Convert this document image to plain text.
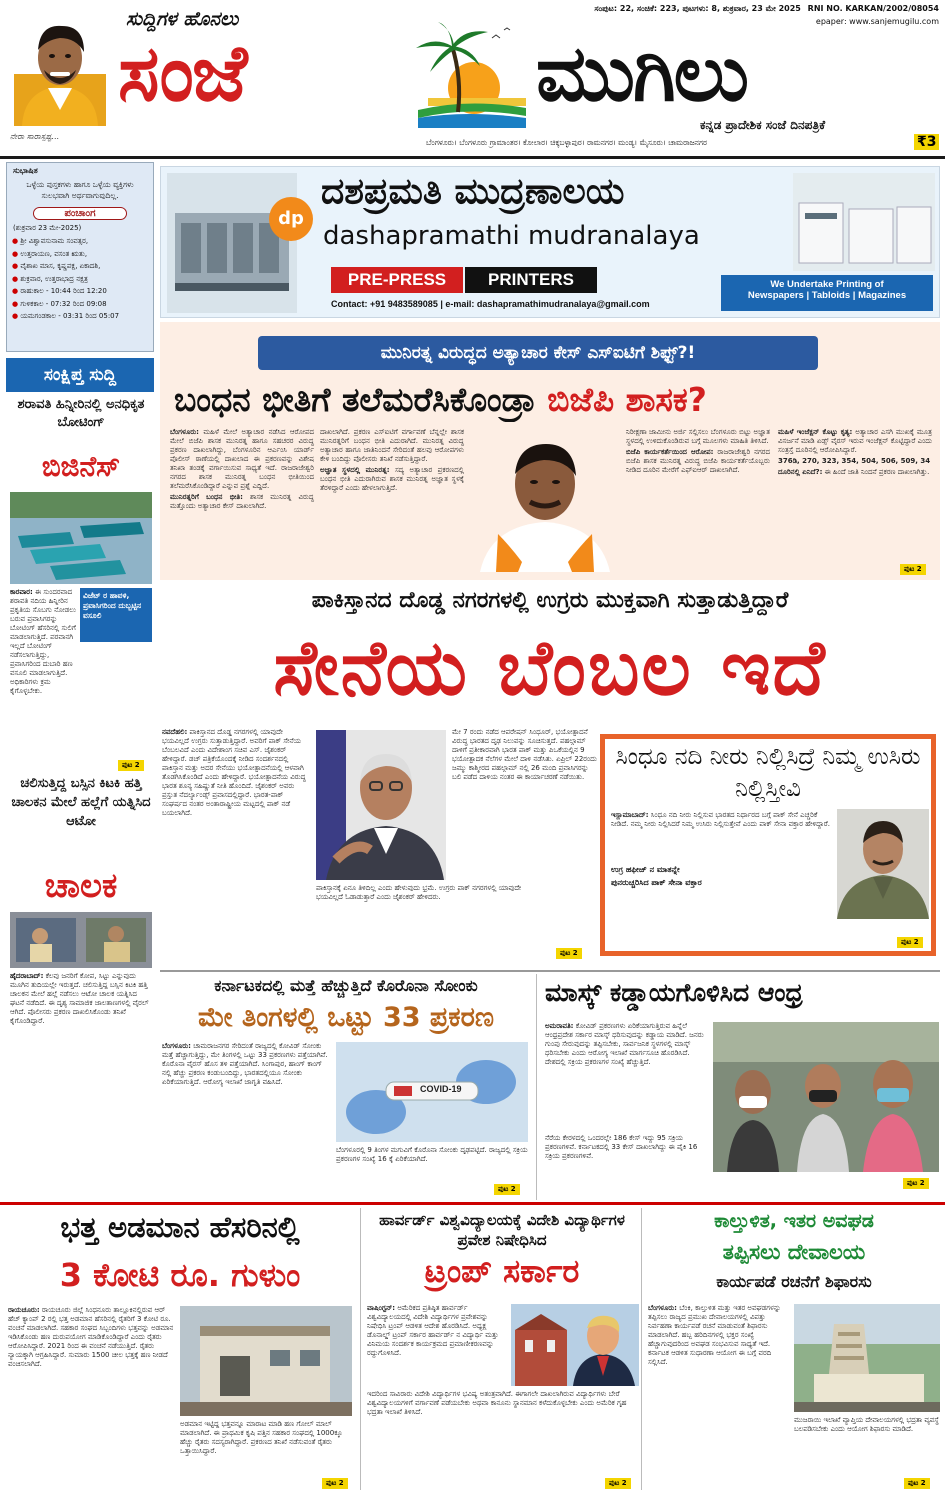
ನೇರಾ ಸಾರಾಸ್ಪಷ್ಟ...
ಸುದ್ದಿಗಳ ಹೊನಲು
ಸಂಜೆ	ಮುಗಿಲು
ಸಂಪುಟ: 22, ಸಂಚಿಕೆ: 223, ಪುಟಗಳು: 8, ಶುಕ್ರವಾರ, 23 ಮೇ 2025 RNI NO. KARKAN/2002/08054
epaper: www.sanjemugilu.com
ಕನ್ನಡ ಪ್ರಾದೇಶಿಕ ಸಂಜೆ ದಿನಪತ್ರಿಕೆ
ಬೆಂಗಳೂರು। ಬೆಂಗಳೂರು ಗ್ರಾಮಾಂತರ। ಕೋಲಾರ। ಚಿಕ್ಕಬಳ್ಳಾಪುರ। ರಾಮನಗರ। ಮಂಡ್ಯ। ಮೈಸೂರು। ಚಾಮರಾಜನಗರ	₹3
ಸುಭಾಷಿತ
ಒಳ್ಳೆಯ ಪುಸ್ತಕಗಳು ಹಾಗೂ ಒಳ್ಳೆಯ ವ್ಯಕ್ತಿಗಳು ಸುಲಭವಾಗಿ ಅರ್ಥವಾಗುವುದಿಲ್ಲ.
ಪಂಚಾಂಗ
(ಶುಕ್ರವಾರ 23 ಮೇ-2025)
● ಶ್ರೀ ವಿಶ್ವಾವಸುನಾಮ ಸಂವತ್ಸರ,
● ಉತ್ತರಾಯಣ, ವಸಂತ ಋತು,
● ವೈಶಾಖ ಮಾಸ, ಕೃಷ್ಣಪಕ್ಷ, ಏಕಾದಶಿ,
● ಶುಕ್ರವಾರ, ಉತ್ತರಾಭಾದ್ರ ನಕ್ಷತ್ರ
● ರಾಹುಕಾಲ - 10:44 ರಿಂದ 12:20
● ಗುಳಿಕಕಾಲ - 07:32 ರಿಂದ 09:08
● ಯಮಗಂಡಕಾಲ - 03:31 ರಿಂದ 05:07
ಸಂಕ್ಷಿಪ್ತ ಸುದ್ದಿ
ಶರಾವತಿ ಹಿನ್ನೀರಿನಲ್ಲಿ ಅನಧಿಕೃತ ಬೋಟಿಂಗ್
ಬಿಜಿನೆಸ್
ವಿಜೆಟ್ ರ ಹಾವಳಿ, ಪ್ರವಾಸಿಗರಿಂದ ದುಬ್ಬಟ್ಟಿನ ವಸೂಲಿ
ಕಾರವಾರ: ಈ ಸುಂದರವಾದ ಶರಾವತಿ ನದಿಯ ಹಿನ್ನೀರಿನ ಪ್ರಕೃತಿಯ ಸೊಬಗು ನೋಡಲು ಬರುವ ಪ್ರವಾಸಿಗರನ್ನು ಬೋಟಿಂಗ್ ಹೆಸರಿನಲ್ಲಿ ಸುಲಿಗೆ ಮಾಡಲಾಗುತ್ತಿದೆ. ಪರವಾನಗಿ ಇಲ್ಲದೆ ಬೋಟಿಂಗ್ ನಡೆಸಲಾಗುತ್ತಿದ್ದು, ಪ್ರವಾಸಿಗರಿಂದ ದುಬಾರಿ ಹಣ ವಸೂಲಿ ಮಾಡಲಾಗುತ್ತಿದೆ. ಅಧಿಕಾರಿಗಳು ಕ್ರಮ ಕೈಗೊಳ್ಳಬೇಕು.
ಪುಟ 2
ಚಲಿಸುತ್ತಿದ್ದ ಬಸ್ಸಿನ ಕಿಟಕಿ ಹತ್ತಿ ಚಾಲಕನ ಮೇಲೆ ಹಲ್ಲೆಗೆ ಯತ್ನಿಸಿದ ಆಟೋ
ಚಾಲಕ
ಹೈದರಾಬಾದ್: ಕೆಲವು ಜನರಿಗೆ ಕೋಪ, ಸಿಟ್ಟು ಎನ್ನುವುದು ಮೂಗಿನ ತುದಿಯಲ್ಲೇ ಇರುತ್ತದೆ. ಚಲಿಸುತ್ತಿದ್ದ ಬಸ್ಸಿನ ಕಿಟಕಿ ಹತ್ತಿ ಚಾಲಕನ ಮೇಲೆ ಹಲ್ಲೆ ನಡೆಸಲು ಆಟೋ ಚಾಲಕ ಯತ್ನಿಸಿದ ಘಟನೆ ನಡೆದಿದೆ. ಈ ದೃಶ್ಯ ಸಾಮಾಜಿಕ ಜಾಲತಾಣಗಳಲ್ಲಿ ವೈರಲ್ ಆಗಿದೆ. ಪೊಲೀಸರು ಪ್ರಕರಣ ದಾಖಲಿಸಿಕೊಂಡು ತನಿಖೆ ಕೈಗೊಂಡಿದ್ದಾರೆ.
dp
ದಶಪ್ರಮತಿ ಮುದ್ರಣಾಲಯ
dashapramathi mudranalaya
PRE-PRESS	PRINTERS
Contact: +91 9483589085 | e-mail: dashapramathimudranalaya@gmail.com
We Undertake Printing of
Newspapers | Tabloids | Magazines
ಮುನಿರತ್ನ ವಿರುದ್ಧದ ಅತ್ಯಾಚಾರ ಕೇಸ್ ಎಸ್ಐಟಿಗೆ ಶಿಫ್ಟ್?!
ಬಂಧನ ಭೀತಿಗೆ ತಲೆಮರೆಸಿಕೊಂಡ್ರಾ ಬಿಜೆಪಿ ಶಾಸಕ?

ಬೆಂಗಳೂರು: ಮಹಿಳೆ ಮೇಲೆ ಅತ್ಯಾಚಾರ ನಡೆಸಿದ ಆರೋಪದ ಮೇಲೆ ಬಿಜೆಪಿ ಶಾಸಕ ಮುನಿರತ್ನ ಹಾಗೂ ಸಹಚರರ ವಿರುದ್ಧ ಪ್ರಕರಣ ದಾಖಲಾಗಿದ್ದು, ಬೆಂಗಳೂರಿನ ಆರ್ಎಂಸಿ ಯಾರ್ಡ್ ಪೊಲೀಸ್ ಠಾಣೆಯಲ್ಲಿ ದಾಖಲಾದ ಈ ಪ್ರಕರಣವನ್ನು ವಿಶೇಷ ತನಿಖಾ ತಂಡಕ್ಕೆ ವರ್ಗಾಯಿಸುವ ಸಾಧ್ಯತೆ ಇದೆ. ರಾಜರಾಜೇಶ್ವರಿ ನಗರದ ಶಾಸಕ ಮುನಿರತ್ನ ಬಂಧನ ಭೀತಿಯಿಂದ ತಲೆಮರೆಸಿಕೊಂಡಿದ್ದಾರೆ ಎನ್ನುವ ಪ್ರಶ್ನೆ ಎದ್ದಿದೆ.

ಮುನಿರತ್ನರಿಗೆ ಬಂಧನ ಭೀತಿ: ಶಾಸಕ ಮುನಿರತ್ನ ವಿರುದ್ಧ ಮತ್ತೊಂದು ಅತ್ಯಾಚಾರ ಕೇಸ್ ದಾಖಲಾಗಿದೆ.

ದಾಖಲಾಗಿದೆ. ಪ್ರಕರಣ ಎಸ್ಐಟಿಗೆ ವರ್ಗಾವಣೆ ಬೆನ್ನಲ್ಲೇ ಶಾಸಕ ಮುನಿರತ್ನರಿಗೆ ಬಂಧನ ಭೀತಿ ಎದುರಾಗಿದೆ. ಮುನಿರತ್ನ ವಿರುದ್ಧ ಅತ್ಯಾಚಾರ ಹಾಗೂ ಜಾತಿನಿಂದನೆ ಸೇರಿದಂತೆ ಹಲವು ಆರೋಪಗಳು ಕೇಳಿ ಬಂದಿದ್ದು ಪೊಲೀಸರು ತನಿಖೆ ನಡೆಸುತ್ತಿದ್ದಾರೆ.

ಅಜ್ಞಾತ ಸ್ಥಳದಲ್ಲಿ ಮುನಿರತ್ನ: ಸದ್ಯ ಅತ್ಯಾಚಾರ ಪ್ರಕರಣದಲ್ಲಿ ಬಂಧನ ಭೀತಿ ಎದುರಾಗಿರುವ ಶಾಸಕ ಮುನಿರತ್ನ ಅಜ್ಞಾತ ಸ್ಥಳಕ್ಕೆ ತೆರಳಿದ್ದಾರೆ ಎಂದು ಹೇಳಲಾಗುತ್ತಿದೆ.

ನಿರೀಕ್ಷಣಾ ಜಾಮೀನು ಅರ್ಜಿ ಸಲ್ಲಿಸಲು ಬೆಂಗಳೂರು ಬಿಟ್ಟು ಅಜ್ಞಾತ ಸ್ಥಳದಲ್ಲಿ ಉಳಿದುಕೊಂಡಿರುವ ಬಗ್ಗೆ ಮೂಲಗಳು ಮಾಹಿತಿ ತಿಳಿಸಿದೆ.

ಬಿಜೆಪಿ ಕಾರ್ಯಕರ್ತೆಯಿಂದ ಆರೋಪ: ರಾಜರಾಜೇಶ್ವರಿ ನಗರದ ಬಿಜೆಪಿ ಶಾಸಕ ಮುನಿರತ್ನ ವಿರುದ್ಧ ಬಿಜೆಪಿ ಕಾರ್ಯಕರ್ತೆಯೊಬ್ಬರು ನೀಡಿದ ದೂರಿನ ಮೇರೆಗೆ ಎಫ್ಐಆರ್ ದಾಖಲಾಗಿದೆ.

ಮಹಿಳೆ ಇಂಜೆಕ್ಷನ್ ಕೊಟ್ಟು ಕೃತ್ಯ: ಅತ್ಯಾಚಾರ ಎಸಗಿ ಮುಖಕ್ಕೆ ಮೂತ್ರ ವಿಸರ್ಜನೆ ಮಾಡಿ ಏಡ್ಸ್ ವೈರಸ್ ಇರುವ ಇಂಜೆಕ್ಷನ್ ಕೊಟ್ಟಿದ್ದಾರೆ ಎಂದು ಸಂತ್ರಸ್ತೆ ದೂರಿನಲ್ಲಿ ಆರೋಪಿಸಿದ್ದಾರೆ.

376ಡಿ, 270, 323, 354, 504, 506, 509, 34

ದೂರಿನಲ್ಲಿ ಏನಿದೆ?: ಈ ಹಿಂದೆ ಜಾತಿ ನಿಂದನೆ ಪ್ರಕರಣ ದಾಖಲಾಗಿತ್ತು.

ಪುಟ 2
ಪಾಕಿಸ್ತಾನದ ದೊಡ್ಡ ನಗರಗಳಲ್ಲಿ ಉಗ್ರರು ಮುಕ್ತವಾಗಿ ಸುತ್ತಾಡುತ್ತಿದ್ದಾರೆ
ಸೇನೆಯ ಬೆಂಬಲ ಇದೆ
ನವದೆಹಲಿ: ಪಾಕಿಸ್ತಾನದ ದೊಡ್ಡ ನಗರಗಳಲ್ಲಿ ಯಾವುದೇ ಭಯವಿಲ್ಲದೆ ಉಗ್ರರು ಸುತ್ತಾಡುತ್ತಿದ್ದಾರೆ. ಅವರಿಗೆ ಪಾಕ್ ಸೇನೆಯ ಬೆಂಬಲವಿದೆ ಎಂದು ವಿದೇಶಾಂಗ ಸಚಿವ ಎಸ್. ಜೈಶಂಕರ್ ಹೇಳಿದ್ದಾರೆ. ಡಚ್ ಪತ್ರಿಕೆಯೊಂದಕ್ಕೆ ನೀಡಿದ ಸಂದರ್ಶನದಲ್ಲಿ ಪಾಕಿಸ್ತಾನ ಮತ್ತು ಅದರ ಸೇನೆಯು ಭಯೋತ್ಪಾದನೆಯಲ್ಲಿ ಆಳವಾಗಿ ತೊಡಗಿಸಿಕೊಂಡಿದೆ ಎಂದು ಹೇಳಿದ್ದಾರೆ. ಭಯೋತ್ಪಾದನೆಯ ವಿರುದ್ಧ ಭಾರತ ಶೂನ್ಯ ಸಹಿಷ್ಣುತೆ ನೀತಿ ಹೊಂದಿದೆ. ಜೈಶಂಕರ್ ಅವರು ಪ್ರಸ್ತುತ ನೆದರ್ಲ್ಯಾಂಡ್ಸ್ ಪ್ರವಾಸದಲ್ಲಿದ್ದಾರೆ. ಭಾರತ-ಪಾಕ್ ಸಂಘರ್ಷದ ನಂತರ ಅಂತಾರಾಷ್ಟ್ರೀಯ ಮಟ್ಟದಲ್ಲಿ ಪಾಕ್ ನಡೆ ಬಯಲಾಗಿದೆ.
ಪಾಕಿಸ್ತಾನಕ್ಕೆ ಏನೂ ತಿಳಿದಿಲ್ಲ ಎಂದು ಹೇಳುವುದು ಭ್ರಮೆ. ಉಗ್ರರು ಪಾಕ್ ನಗರಗಳಲ್ಲಿ ಯಾವುದೇ ಭಯವಿಲ್ಲದೆ ಓಡಾಡುತ್ತಾರೆ ಎಂದು ಜೈಶಂಕರ್ ಹೇಳಿದರು.
ಮೇ 7 ರಂದು ನಡೆದ ಆಪರೇಷನ್ ಸಿಂಧೂರ್, ಭಯೋತ್ಪಾದನೆ ವಿರುದ್ಧ ಭಾರತದ ದೃಢ ನಿಲುವನ್ನು ಸೂಚಿಸುತ್ತದೆ. ಪಹಲ್ಗಾಮ್ ದಾಳಿಗೆ ಪ್ರತೀಕಾರವಾಗಿ ಭಾರತ ಪಾಕ್ ಮತ್ತು ಪಿಒಕೆಯಲ್ಲಿನ 9 ಭಯೋತ್ಪಾದಕ ನೆಲೆಗಳ ಮೇಲೆ ದಾಳಿ ನಡೆಸಿತು. ಏಪ್ರಿಲ್ 22ರಂದು ಜಮ್ಮು ಕಾಶ್ಮೀರದ ಪಹಲ್ಗಾಮ್ ನಲ್ಲಿ 26 ಮಂದಿ ಪ್ರವಾಸಿಗರನ್ನು ಬಲಿ ಪಡೆದ ದಾಳಿಯ ನಂತರ ಈ ಕಾರ್ಯಾಚರಣೆ ನಡೆಯಿತು.
ಪುಟ 2
ಸಿಂಧೂ ನದಿ ನೀರು ನಿಲ್ಲಿಸಿದ್ರೆ ನಿಮ್ಮ ಉಸಿರು ನಿಲ್ಲಿಸ್ತೀವಿ
ಇಸ್ಲಾಮಾಬಾದ್: ಸಿಂಧೂ ನದಿ ನೀರು ನಿಲ್ಲಿಸುವ ಭಾರತದ ನಿರ್ಧಾರದ ಬಗ್ಗೆ ಪಾಕ್ ಸೇನೆ ಎಚ್ಚರಿಕೆ ನೀಡಿದೆ. ನಮ್ಮ ನೀರು ನಿಲ್ಲಿಸಿದರೆ ನಿಮ್ಮ ಉಸಿರು ನಿಲ್ಲಿಸುತ್ತೇವೆ ಎಂದು ಪಾಕ್ ಸೇನಾ ವಕ್ತಾರ ಹೇಳಿದ್ದಾರೆ.
ಉಗ್ರ ಹಫೀಜ್ ನ ಮಾತನ್ನೇ ಪುನರುಚ್ಚರಿಸಿದ ಪಾಕ್ ಸೇನಾ ವಕ್ತಾರ
ಪುಟ 2
ಕರ್ನಾಟಕದಲ್ಲಿ ಮತ್ತೆ ಹೆಚ್ಚುತ್ತಿದೆ ಕೊರೊನಾ ಸೋಂಕು
ಮೇ ತಿಂಗಳಲ್ಲಿ ಒಟ್ಟು 33 ಪ್ರಕರಣ
ಬೆಂಗಳೂರು: ಚಾಮರಾಜನಗರ ಸೇರಿದಂತೆ ರಾಜ್ಯದಲ್ಲಿ ಕೋವಿಡ್ ಸೋಂಕು ಮತ್ತೆ ಹೆಚ್ಚಾಗುತ್ತಿದ್ದು, ಮೇ ತಿಂಗಳಲ್ಲಿ ಒಟ್ಟು 33 ಪ್ರಕರಣಗಳು ಪತ್ತೆಯಾಗಿವೆ. ಕೊರೊನಾ ವೈರಸ್ ಹೊಸ ತಳಿ ಪತ್ತೆಯಾಗಿದೆ. ಸಿಂಗಾಪುರ, ಹಾಂಗ್ ಕಾಂಗ್ ನಲ್ಲಿ ಹೆಚ್ಚು ಪ್ರಕರಣ ಕಂಡುಬಂದಿದ್ದು, ಭಾರತದಲ್ಲಿಯೂ ಸೋಂಕು ಏರಿಕೆಯಾಗುತ್ತಿದೆ. ಆರೋಗ್ಯ ಇಲಾಖೆ ಜಾಗೃತಿ ವಹಿಸಿದೆ.
COVID-19
ಬೆಂಗಳೂರಲ್ಲಿ 9 ತಿಂಗಳ ಮಗುವಿಗೆ ಕೊರೊನಾ ಸೋಂಕು ದೃಢಪಟ್ಟಿದೆ. ರಾಜ್ಯದಲ್ಲಿ ಸಕ್ರಿಯ ಪ್ರಕರಣಗಳ ಸಂಖ್ಯೆ 16 ಕ್ಕೆ ಏರಿಕೆಯಾಗಿದೆ.
ಪುಟ 2
ಮಾಸ್ಕ್ ಕಡ್ಡಾಯಗೊಳಿಸಿದ ಆಂಧ್ರ
ಅಮರಾವತಿ: ಕೋವಿಡ್ ಪ್ರಕರಣಗಳು ಏರಿಕೆಯಾಗುತ್ತಿರುವ ಹಿನ್ನೆಲೆ ಆಂಧ್ರಪ್ರದೇಶ ಸರ್ಕಾರ ಮಾಸ್ಕ್ ಧರಿಸುವುದನ್ನು ಕಡ್ಡಾಯ ಮಾಡಿದೆ. ಜನರು ಗುಂಪು ಸೇರುವುದನ್ನು ತಪ್ಪಿಸಬೇಕು, ಸಾರ್ವಜನಿಕ ಸ್ಥಳಗಳಲ್ಲಿ ಮಾಸ್ಕ್ ಧರಿಸಬೇಕು ಎಂದು ಆರೋಗ್ಯ ಇಲಾಖೆ ಮಾರ್ಗಸೂಚಿ ಹೊರಡಿಸಿದೆ. ದೇಶದಲ್ಲಿ ಸಕ್ರಿಯ ಪ್ರಕರಣಗಳ ಸಂಖ್ಯೆ ಹೆಚ್ಚುತ್ತಿದೆ.
ನೆರೆಯ ಕೇರಳದಲ್ಲಿ ಒಂದರಲ್ಲೇ 186 ಕೇಸ್ ಇದ್ದು 95 ಸಕ್ರಿಯ ಪ್ರಕರಣಗಳಿವೆ. ಕರ್ನಾಟಕದಲ್ಲಿ 33 ಕೇಸ್ ದಾಖಲಾಗಿದ್ದು ಈ ಪೈಕಿ 16 ಸಕ್ರಿಯ ಪ್ರಕರಣಗಳಿವೆ.
ಪುಟ 2
ಭತ್ತ ಅಡಮಾನ ಹೆಸರಿನಲ್ಲಿ
3 ಕೋಟಿ ರೂ. ಗುಳುಂ
ರಾಯಚೂರು: ರಾಯಚೂರು ಜಿಲ್ಲೆ ಸಿಂಧನೂರು ತಾಲ್ಲೂಕಿನಲ್ಲಿರುವ ಆರ್ ಹೆಚ್ ಕ್ಯಾಂಪ್ 2 ರಲ್ಲಿ ಭತ್ತ ಅಡಮಾನ ಹೆಸರಿನಲ್ಲಿ ರೈತರಿಗೆ 3 ಕೋಟಿ ರೂ. ವಂಚನೆ ಮಾಡಲಾಗಿದೆ. ಸಹಕಾರ ಸಂಘದ ಸಿಬ್ಬಂದಿಗಳು ಭತ್ತವನ್ನು ಅಡಮಾನ ಇಡಿಸಿಕೊಂಡು ಹಣ ದುರುಪಯೋಗ ಮಾಡಿಕೊಂಡಿದ್ದಾರೆ ಎಂದು ರೈತರು ಆರೋಪಿಸಿದ್ದಾರೆ. 2021 ರಿಂದ ಈ ವಂಚನೆ ನಡೆಯುತ್ತಿದೆ. ರೈತರು ನ್ಯಾಯಕ್ಕಾಗಿ ಆಗ್ರಹಿಸಿದ್ದಾರೆ. ಸುಮಾರು 1500 ಚೀಲ ಭತ್ತಕ್ಕೆ ಹಣ ನೀಡದೆ ವಂಚಿಸಲಾಗಿದೆ.
ಅಡಮಾನ ಇಟ್ಟಿದ್ದ ಭತ್ತವನ್ನೂ ಮಾರಾಟ ಮಾಡಿ ಹಣ ಗೋಲ್ ಮಾಲ್ ಮಾಡಲಾಗಿದೆ. ಈ ಪ್ರಾಥಮಿಕ ಕೃಷಿ ಪತ್ತಿನ ಸಹಕಾರ ಸಂಘದಲ್ಲಿ 1000ಕ್ಕೂ ಹೆಚ್ಚು ರೈತರು ಸದಸ್ಯರಾಗಿದ್ದಾರೆ. ಪ್ರಕರಣದ ತನಿಖೆ ನಡೆಸುವಂತೆ ರೈತರು ಒತ್ತಾಯಿಸಿದ್ದಾರೆ.
ಪುಟ 2
ಹಾರ್ವರ್ಡ್ ವಿಶ್ವವಿದ್ಯಾಲಯಕ್ಕೆ ವಿದೇಶಿ ವಿದ್ಯಾರ್ಥಿಗಳ ಪ್ರವೇಶ ನಿಷೇಧಿಸಿದ
ಟ್ರಂಪ್ ಸರ್ಕಾರ
ವಾಷಿಂಗ್ಟನ್: ಅಮೆರಿಕದ ಪ್ರತಿಷ್ಠಿತ ಹಾರ್ವರ್ಡ್ ವಿಶ್ವವಿದ್ಯಾಲಯದಲ್ಲಿ ವಿದೇಶಿ ವಿದ್ಯಾರ್ಥಿಗಳ ಪ್ರವೇಶವನ್ನು ನಿಷೇಧಿಸಿ ಟ್ರಂಪ್ ಆಡಳಿತ ಆದೇಶ ಹೊರಡಿಸಿದೆ. ಅಧ್ಯಕ್ಷ ಡೊನಾಲ್ಡ್ ಟ್ರಂಪ್ ಸರ್ಕಾರ ಹಾರ್ವರ್ಡ್ ನ ವಿದ್ಯಾರ್ಥಿ ಮತ್ತು ವಿನಿಮಯ ಸಂದರ್ಶಕ ಕಾರ್ಯಕ್ರಮದ ಪ್ರಮಾಣೀಕರಣವನ್ನು ರದ್ದುಗೊಳಿಸಿದೆ.
ಇದರಿಂದ ಸಾವಿರಾರು ವಿದೇಶಿ ವಿದ್ಯಾರ್ಥಿಗಳ ಭವಿಷ್ಯ ಅತಂತ್ರವಾಗಿದೆ. ಈಗಾಗಲೇ ದಾಖಲಾಗಿರುವ ವಿದ್ಯಾರ್ಥಿಗಳು ಬೇರೆ ವಿಶ್ವವಿದ್ಯಾಲಯಗಳಿಗೆ ವರ್ಗಾವಣೆ ಪಡೆಯಬೇಕು ಅಥವಾ ಕಾನೂನು ಸ್ಥಾನಮಾನ ಕಳೆದುಕೊಳ್ಳಬೇಕು ಎಂದು ಅಮೆರಿಕ ಗೃಹ ಭದ್ರತಾ ಇಲಾಖೆ ತಿಳಿಸಿದೆ.
ಪುಟ 2
ಕಾಲ್ತುಳಿತ, ಇತರ ಅವಘಡ
ತಪ್ಪಿಸಲು ದೇವಾಲಯ
ಕಾರ್ಯಪಡೆ ರಚನೆಗೆ ಶಿಫಾರಸು
ಬೆಂಗಳೂರು: ಬೆಂಕಿ, ಕಾಲ್ತುಳಿತ ಮತ್ತು ಇತರ ಅವಘಡಗಳನ್ನು ತಪ್ಪಿಸಲು ರಾಜ್ಯದ ಪ್ರಮುಖ ದೇವಾಲಯಗಳಲ್ಲಿ ವಿಪತ್ತು ನಿರ್ವಹಣಾ ಕಾರ್ಯಪಡೆ ರಚನೆ ಮಾಡುವಂತೆ ಶಿಫಾರಸು ಮಾಡಲಾಗಿದೆ. ಹಬ್ಬ ಹರಿದಿನಗಳಲ್ಲಿ ಭಕ್ತರ ಸಂಖ್ಯೆ ಹೆಚ್ಚಾಗುವುದರಿಂದ ಅವಘಡ ಸಂಭವಿಸುವ ಸಾಧ್ಯತೆ ಇದೆ. ಕರ್ನಾಟಕ ಆಡಳಿತ ಸುಧಾರಣಾ ಆಯೋಗ ಈ ಬಗ್ಗೆ ವರದಿ ಸಲ್ಲಿಸಿದೆ.
ಮುಜರಾಯಿ ಇಲಾಖೆ ವ್ಯಾಪ್ತಿಯ ದೇವಾಲಯಗಳಲ್ಲಿ ಭದ್ರತಾ ವ್ಯವಸ್ಥೆ ಬಲಪಡಿಸಬೇಕು ಎಂದು ಆಯೋಗ ಶಿಫಾರಸು ಮಾಡಿದೆ.
ಪುಟ 2
